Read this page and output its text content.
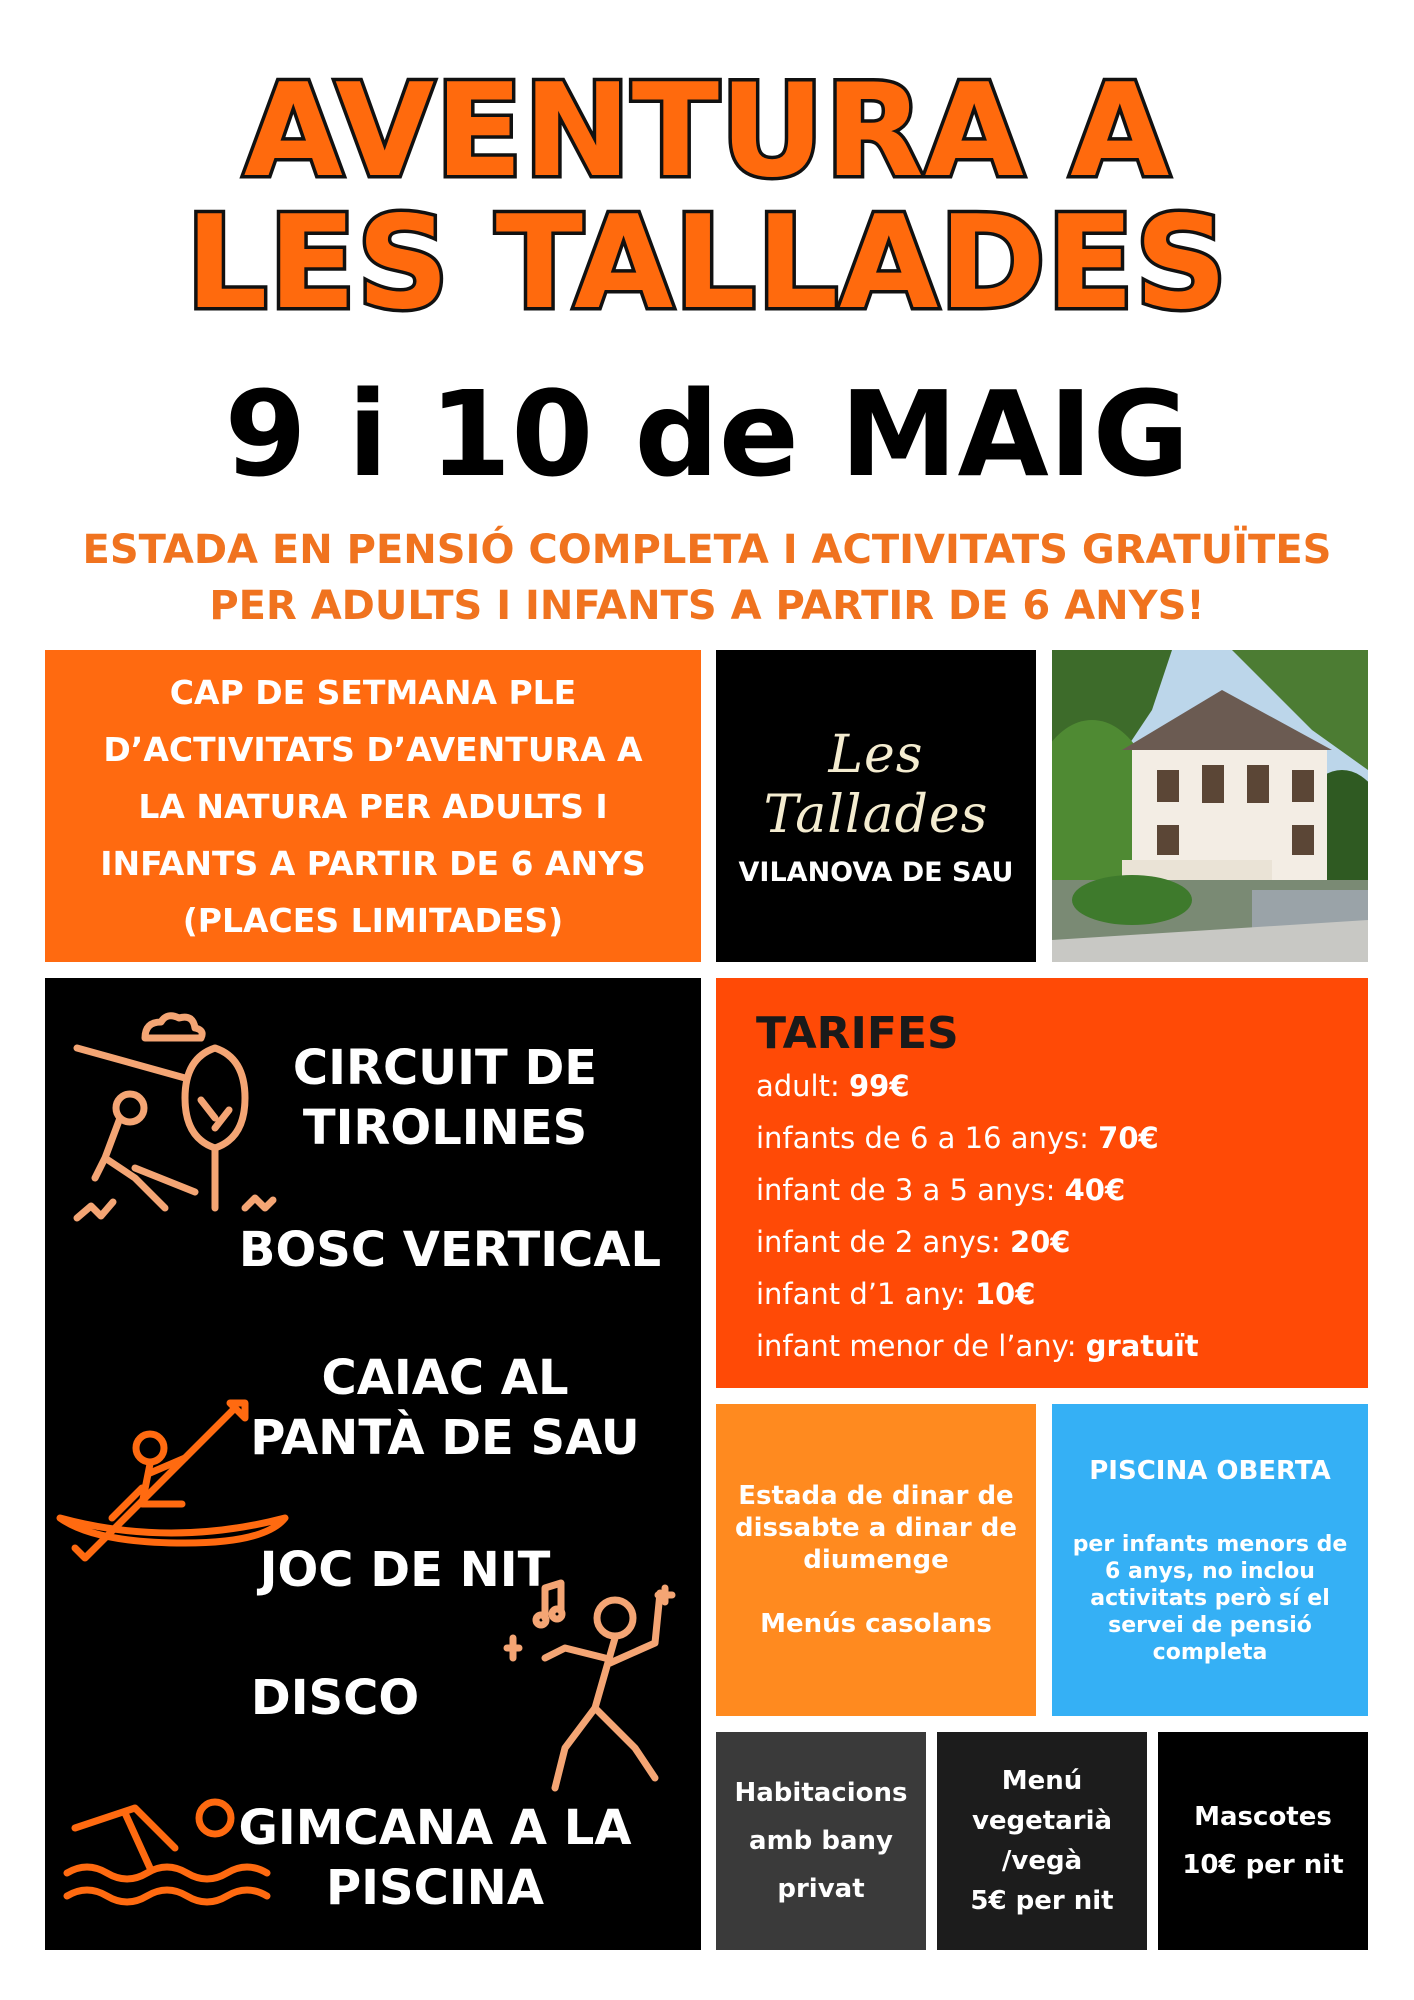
AVENTURA A
LES TALLADES
9 i 10 de MAIG
ESTADA EN PENSIÓ COMPLETA I ACTIVITATS GRATUÏTES
PER ADULTS I INFANTS A PARTIR DE 6 ANYS!
CAP DE SETMANA PLE
D’ACTIVITATS D’AVENTURA A
LA NATURA PER ADULTS I
INFANTS A PARTIR DE 6 ANYS
(PLACES LIMITADES)
Les Tallades
VILANOVA DE SAU
CIRCUIT DE
TIROLINES
BOSC VERTICAL
CAIAC AL
PANTÀ DE SAU
JOC DE NIT
DISCO
GIMCANA A LA
PISCINA
TARIFES
adult: 99€
infants de 6 a 16 anys: 70€
infant de 3 a 5 anys: 40€
infant de 2 anys: 20€
infant d’1 any: 10€
infant menor de l’any: gratuït
Estada de dinar de
dissabte a dinar de
diumenge
Menús casolans
PISCINA OBERTA
per infants menors de
6 anys, no inclou
activitats però sí el
servei de pensió
completa
Habitacions
amb bany
privat
Menú
vegetarià
/vegà
5€ per nit
Mascotes
10€ per nit
